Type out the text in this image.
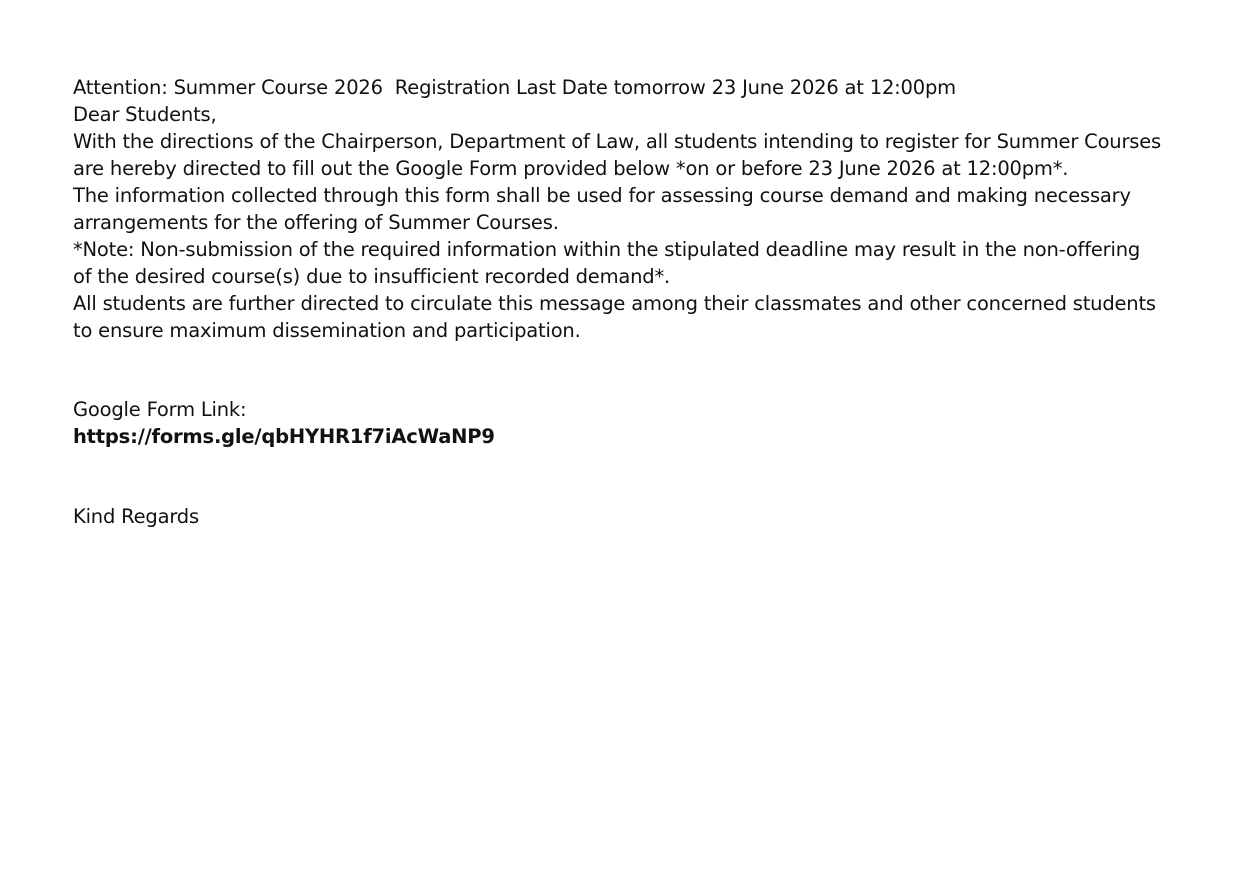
Attention: Summer Course 2026  Registration Last Date tomorrow 23 June 2026 at 12:00pm

Dear Students,

With the directions of the Chairperson, Department of Law, all students intending to register for Summer Courses are hereby directed to fill out the Google Form provided below *on or before 23 June 2026 at 12:00pm*.

The information collected through this form shall be used for assessing course demand and making necessary arrangements for the offering of Summer Courses.

*Note: Non-submission of the required information within the stipulated deadline may result in the non-offering of the desired course(s) due to insufficient recorded demand*.

All students are further directed to circulate this message among their classmates and other concerned students to ensure maximum dissemination and participation.

Google Form Link:

https://forms.gle/qbHYHR1f7iAcWaNP9

Kind Regards
